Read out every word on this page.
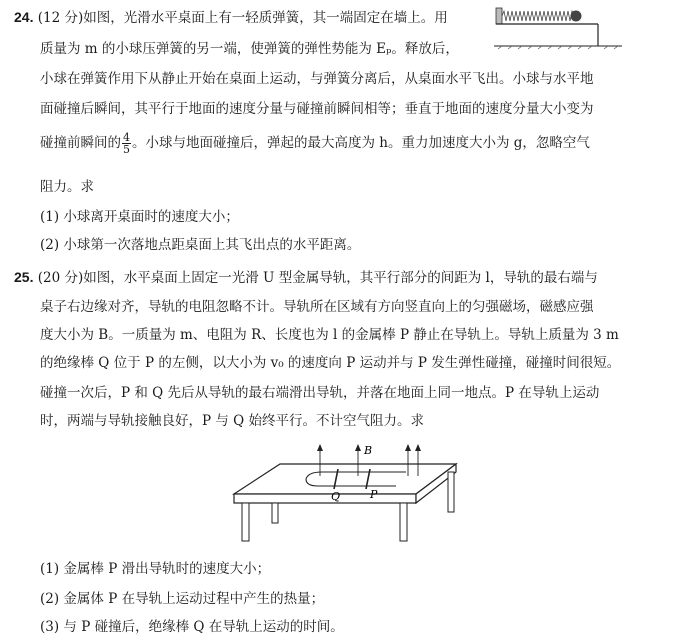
24. (12 分)如图，光滑水平桌面上有一轻质弹簧，其一端固定在墙上。用
质量为 m 的小球压弹簧的另一端，使弹簧的弹性势能为 Eₚ。释放后，
小球在弹簧作用下从静止开始在桌面上运动，与弹簧分离后，从桌面水平飞出。小球与水平地
面碰撞后瞬间，其平行于地面的速度分量与碰撞前瞬间相等；垂直于地面的速度分量大小变为
碰撞前瞬间的 $\frac{4}{5}$ 。小球与地面碰撞后，弹起的最大高度为 h。重力加速度大小为 g，忽略空气
阻力。求
(1) 小球离开桌面时的速度大小；
(2) 小球第一次落地点距桌面上其飞出点的水平距离。
25. (20 分)如图，水平桌面上固定一光滑 U 型金属导轨，其平行部分的间距为 l，导轨的最右端与
桌子右边缘对齐，导轨的电阻忽略不计。导轨所在区域有方向竖直向上的匀强磁场，磁感应强
度大小为 B。一质量为 m、电阻为 R、长度也为 l 的金属棒 P 静止在导轨上。导轨上质量为 3 m
的绝缘棒 Q 位于 P 的左侧，以大小为 v₀ 的速度向 P 运动并与 P 发生弹性碰撞，碰撞时间很短。
碰撞一次后，P 和 Q 先后从导轨的最右端滑出导轨，并落在地面上同一地点。P 在导轨上运动
时，两端与导轨接触良好，P 与 Q 始终平行。不计空气阻力。求
B
Q	P
(1) 金属棒 P 滑出导轨时的速度大小；
(2) 金属体 P 在导轨上运动过程中产生的热量；
(3) 与 P 碰撞后，绝缘棒 Q 在导轨上运动的时间。
